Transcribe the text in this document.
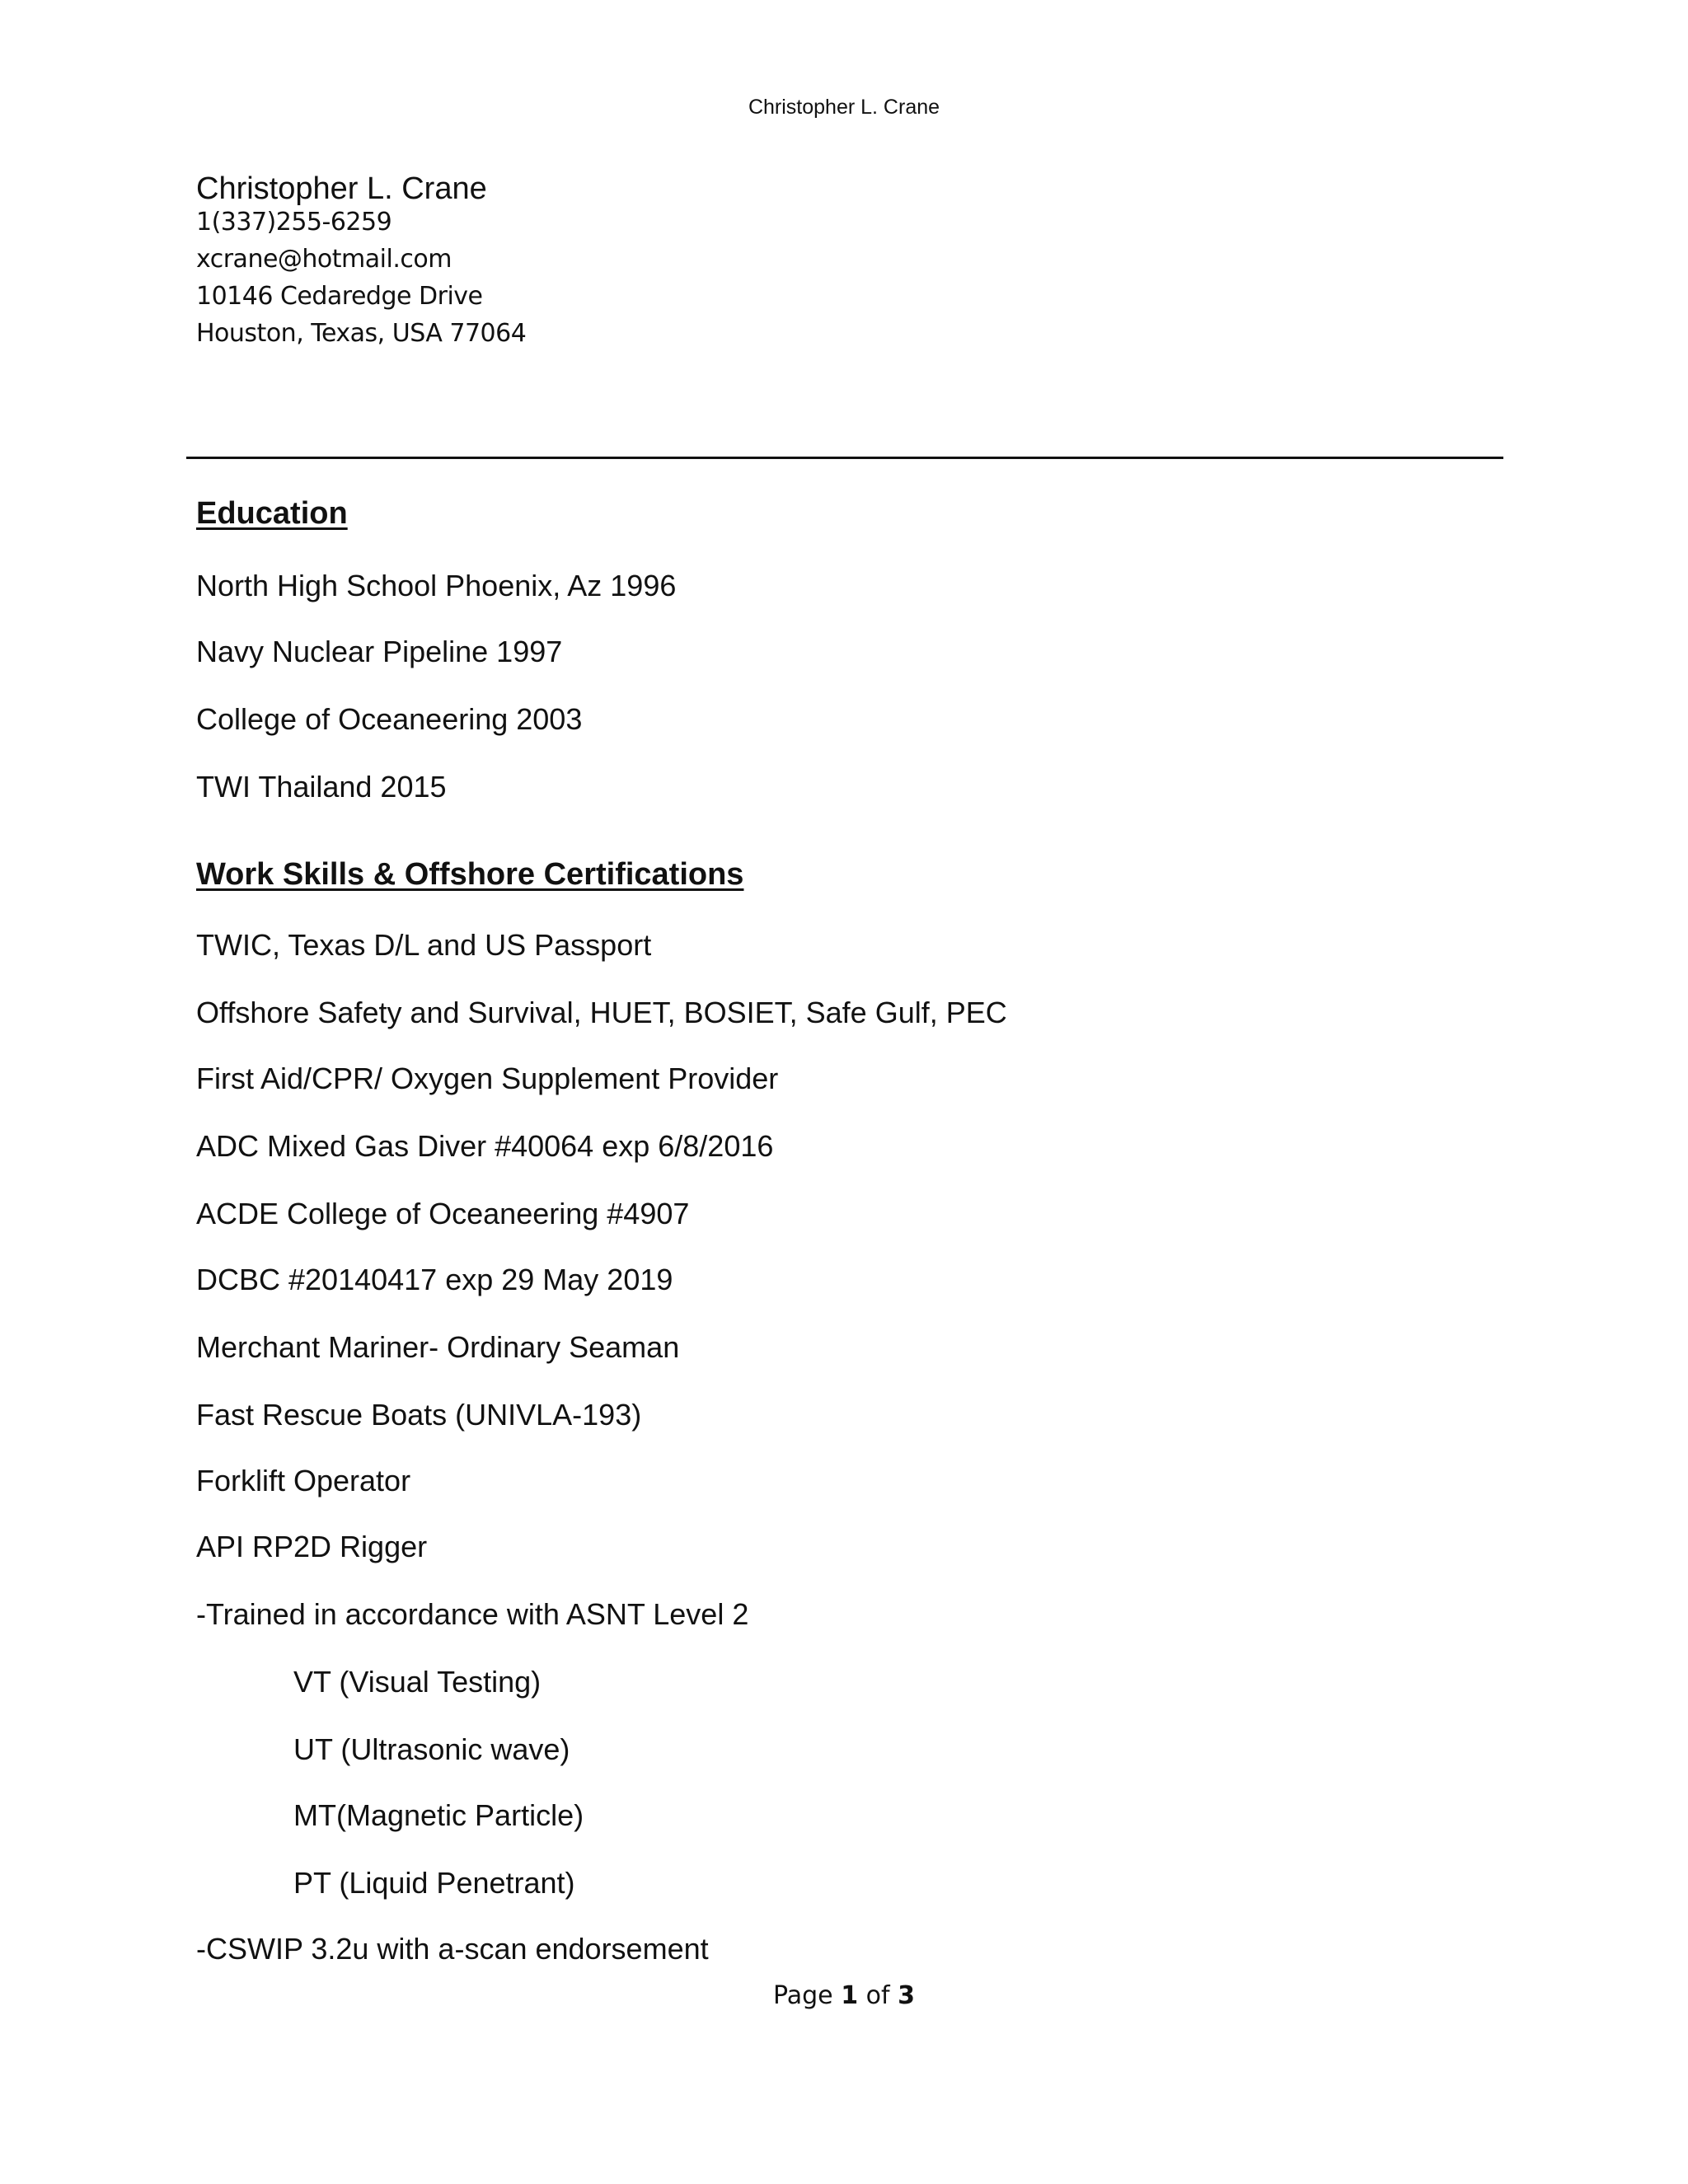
Christopher L. Crane
Christopher L. Crane
1(337)255-6259
xcrane@hotmail.com
10146 Cedaredge Drive
Houston, Texas, USA 77064
Education
North High School Phoenix, Az 1996
Navy Nuclear Pipeline 1997
College of Oceaneering 2003
TWI Thailand 2015
Work Skills & Offshore Certifications
TWIC, Texas D/L and US Passport
Offshore Safety and Survival, HUET, BOSIET, Safe Gulf, PEC
First Aid/CPR/ Oxygen Supplement Provider
ADC Mixed Gas Diver #40064 exp 6/8/2016
ACDE College of Oceaneering #4907
DCBC #20140417 exp 29 May 2019
Merchant Mariner- Ordinary Seaman
Fast Rescue Boats (UNIVLA-193)
Forklift Operator
API RP2D Rigger
-Trained in accordance with ASNT Level 2
VT (Visual Testing)
UT (Ultrasonic wave)
MT(Magnetic Particle)
PT (Liquid Penetrant)
-CSWIP 3.2u with a-scan endorsement
Page 1 of 3
